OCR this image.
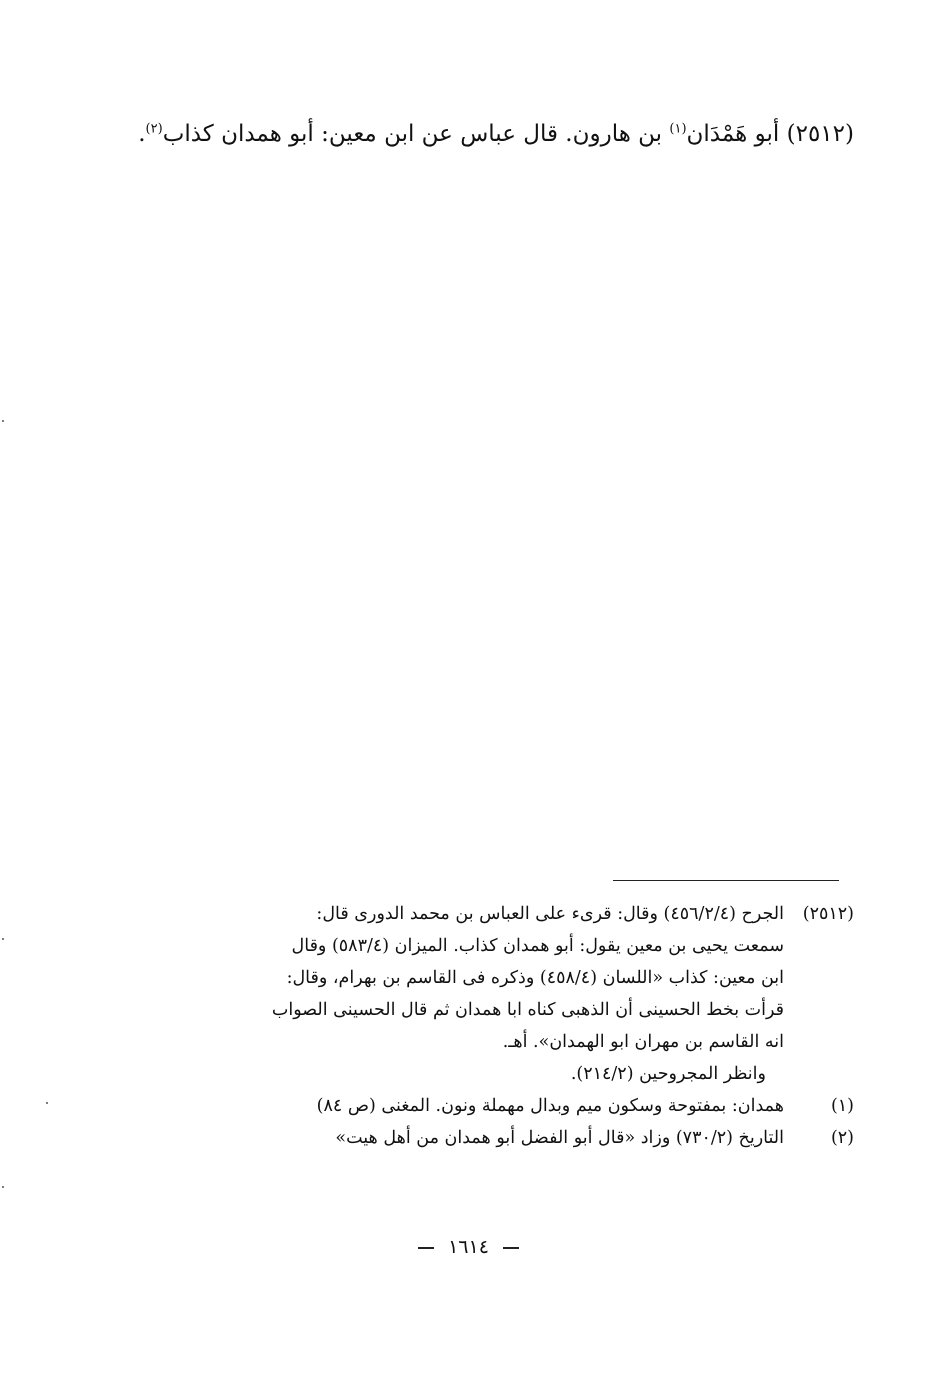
(٢٥١٢) أبو هَمْدَان$^{(١)}$ بن هارون. قال عباس عن ابن معين: أبو همدان كذاب$^{(٢)}$.
(٢٥١٢)
الجرح (٤٥٦/٢/٤) وقال: قرىء على العباس بن محمد الدورى قال:
سمعت يحيى بن معين يقول: أبو همدان كذاب. الميزان (٥٨٣/٤) وقال
ابن معين: كذاب «اللسان (٤٥٨/٤) وذكره فى القاسم بن بهرام، وقال:
قرأت بخط الحسينى أن الذهبى كناه ابا همدان ثم قال الحسينى الصواب
انه القاسم بن مهران ابو الهمدان». أهـ.
وانظر المجروحين (٢١٤/٢).
(١)
همدان: بمفتوحة وسكون ميم وبدال مهملة ونون. المغنى (ص ٨٤)
(٢)
التاريخ (٧٣٠/٢) وزاد «قال أبو الفضل أبو همدان من أهل هيت»
١٦١٤
